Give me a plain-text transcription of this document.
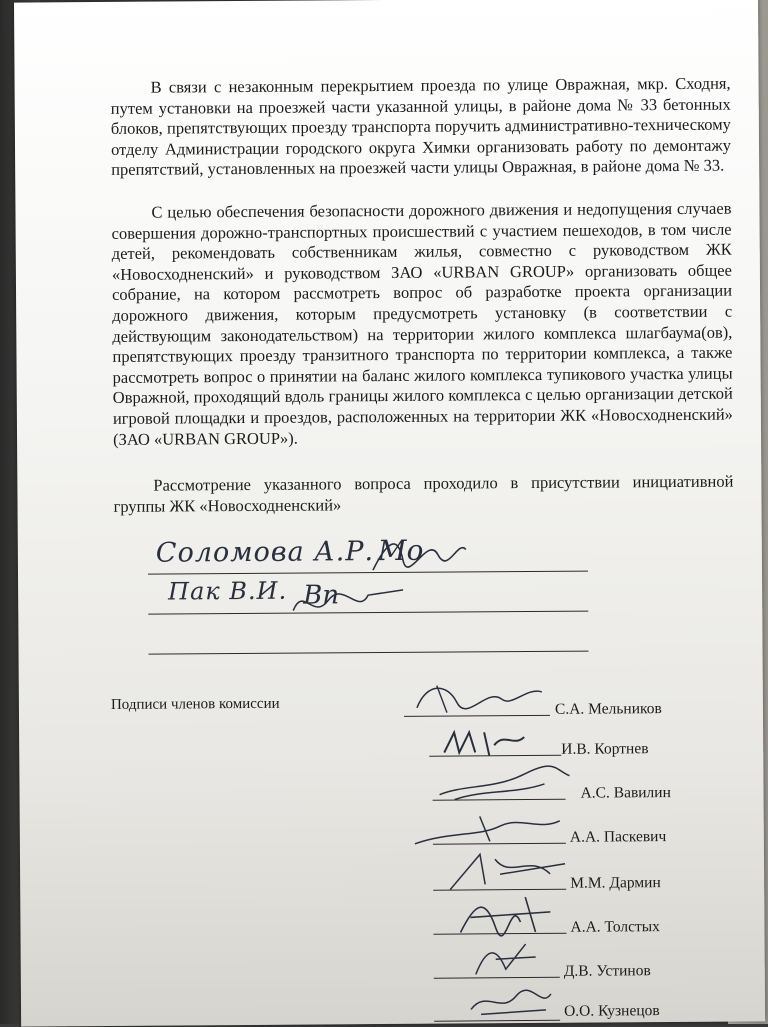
В связи с незаконным перекрытием проезда по улице Овражная, мкр. Сходня, путем установки на проезжей части указанной улицы, в районе дома № 33 бетонных блоков, препятствующих проезду транспорта поручить административно-техническому отделу Администрации городского округа Химки организовать работу по демонтажу препятствий, установленных на проезжей части улицы Овражная, в районе дома № 33.

С целью обеспечения безопасности дорожного движения и недопущения случаев совершения дорожно-транспортных происшествий с участием пешеходов, в том числе детей, рекомендовать собственникам жилья, совместно с руководством ЖК «Новосходненский» и руководством ЗАО «URBAN GROUP» организовать общее собрание, на котором рассмотреть вопрос об разработке проекта организации дорожного движения, которым предусмотреть установку (в соответствии с действующим законодательством) на территории жилого комплекса шлагбаума(ов), препятствующих проезду транзитного транспорта по территории комплекса, а также рассмотреть вопрос о принятии на баланс жилого комплекса тупикового участка улицы Овражной, проходящий вдоль границы жилого комплекса с целью организации детской игровой площадки и проездов, расположенных на территории ЖК «Новосходненский» (ЗАО «URBAN GROUP»).

Рассмотрение указанного вопроса проходило в присутствии инициативной группы ЖК «Новосходненский»

Соломова А.Р. Мо
Пак В.И. Вп
Подписи членов комиссии	С.А. Мельников
И.В. Кортнев
А.С. Вавилин
А.А. Паскевич
М.М. Дармин
А.А. Толстых
Д.В. Устинов
О.О. Кузнецов
